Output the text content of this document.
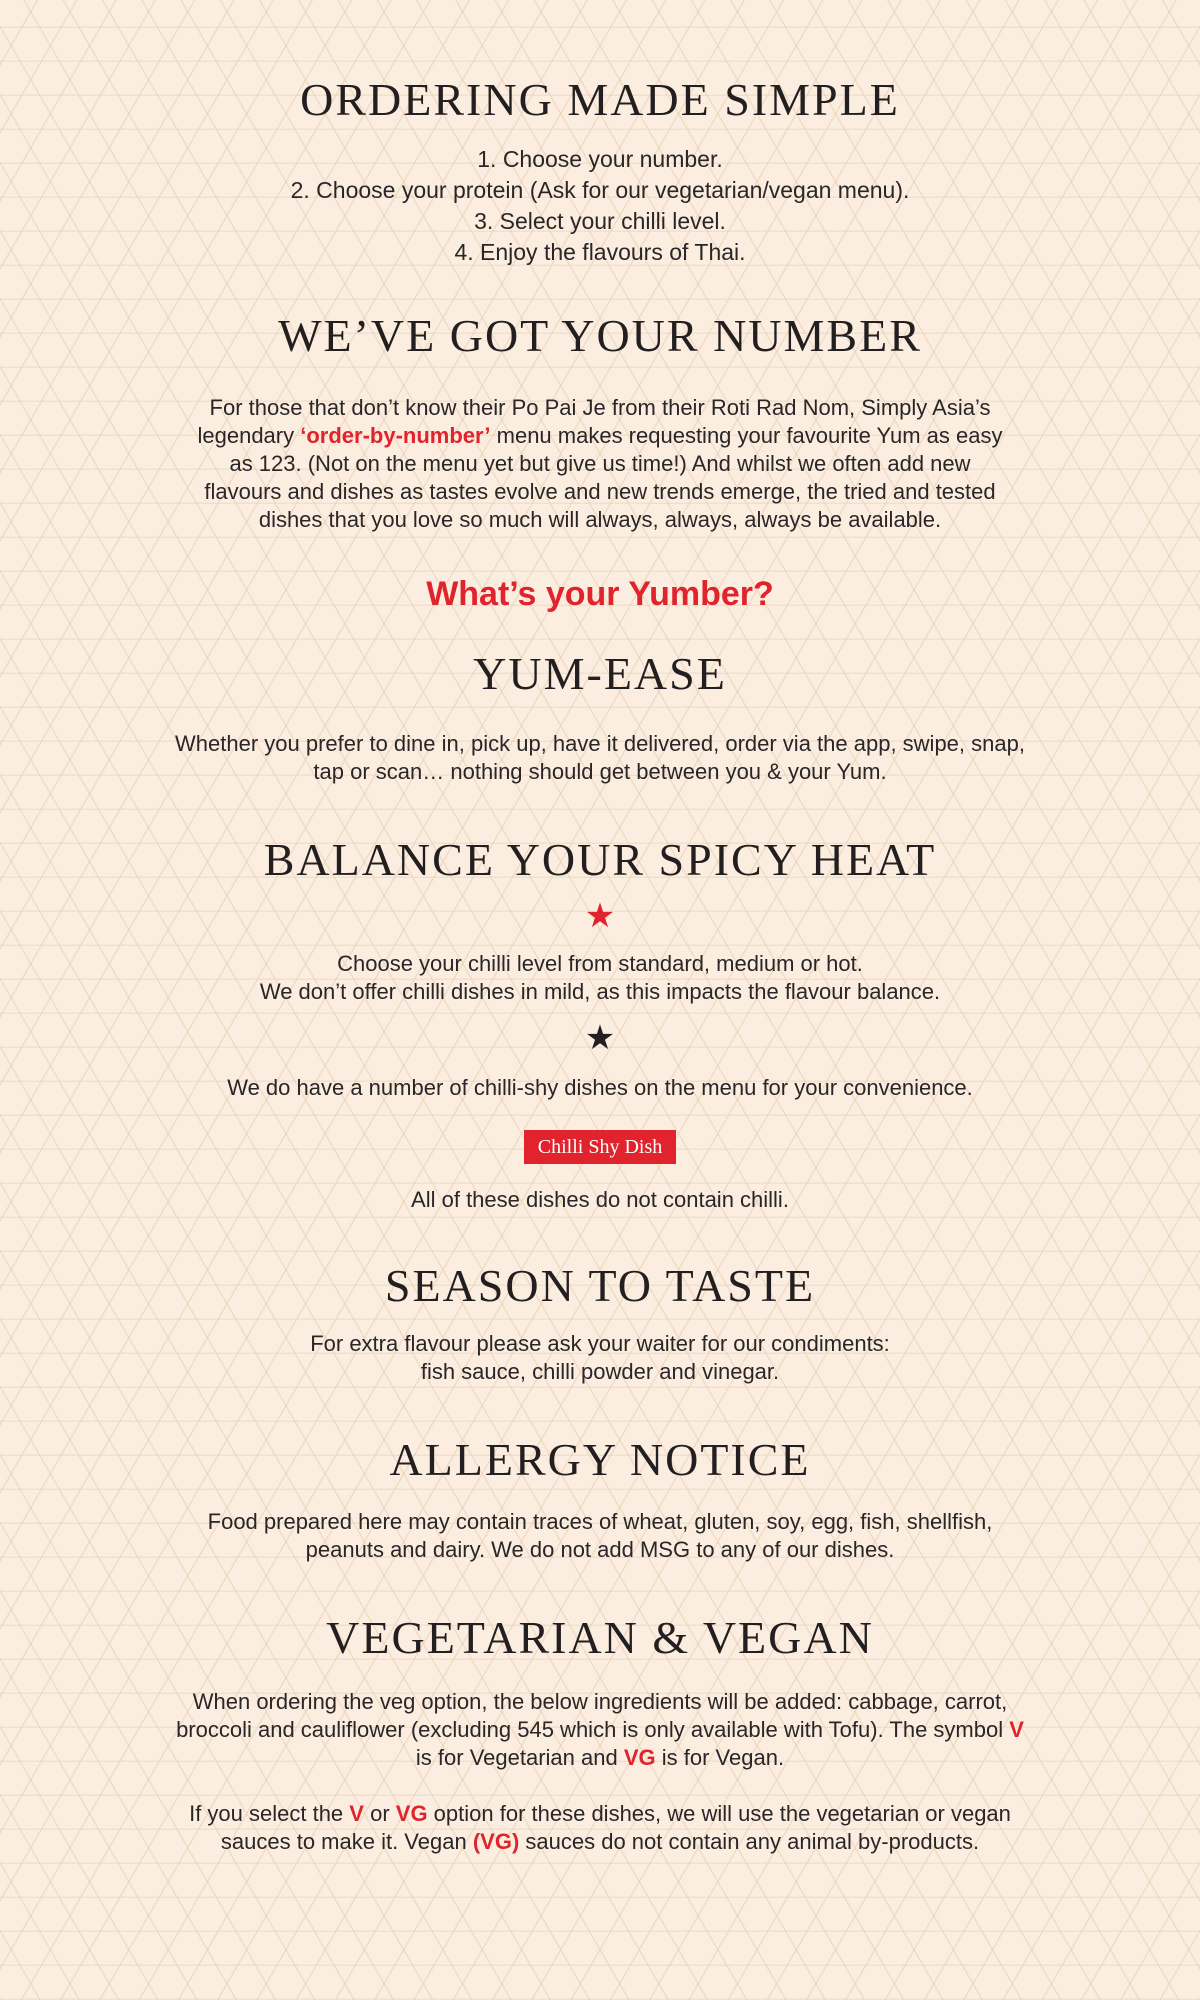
ORDERING MADE SIMPLE
1. Choose your number.
2. Choose your protein (Ask for our vegetarian/vegan menu).
3. Select your chilli level.
4. Enjoy the flavours of Thai.
WE’VE GOT YOUR NUMBER

For those that don’t know their Po Pai Je from their Roti Rad Nom, Simply Asia’s legendary ‘order-by-number’ menu makes requesting your favourite Yum as easy as 123. (Not on the menu yet but give us time!) And whilst we often add new flavours and dishes as tastes evolve and new trends emerge, the tried and tested dishes that you love so much will always, always, always be available.

What’s your Yumber?
YUM-EASE

Whether you prefer to dine in, pick up, have it delivered, order via the app, swipe, snap, tap or scan… nothing should get between you & your Yum.

BALANCE YOUR SPICY HEAT
★
Choose your chilli level from standard, medium or hot.
We don’t offer chilli dishes in mild, as this impacts the flavour balance.
★

We do have a number of chilli-shy dishes on the menu for your convenience.

Chilli Shy Dish

All of these dishes do not contain chilli.

SEASON TO TASTE
For extra flavour please ask your waiter for our condiments:
fish sauce, chilli powder and vinegar.
ALLERGY NOTICE

Food prepared here may contain traces of wheat, gluten, soy, egg, fish, shellfish, peanuts and dairy. We do not add MSG to any of our dishes.

VEGETARIAN & VEGAN

When ordering the veg option, the below ingredients will be added: cabbage, carrot, broccoli and cauliflower (excluding 545 which is only available with Tofu). The symbol V is for Vegetarian and VG is for Vegan.

If you select the V or VG option for these dishes, we will use the vegetarian or vegan sauces to make it. Vegan (VG) sauces do not contain any animal by-products.
